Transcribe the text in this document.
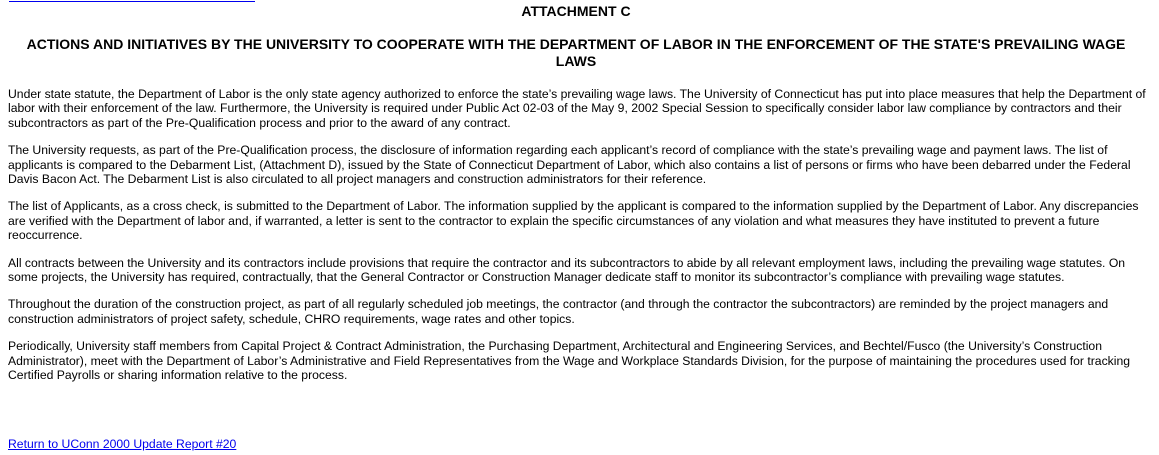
ATTACHMENT C
ACTIONS AND INITIATIVES BY THE UNIVERSITY TO COOPERATE WITH THE DEPARTMENT OF LABOR IN THE ENFORCEMENT OF THE STATE'S PREVAILING WAGE LAWS

Under state statute, the Department of Labor is the only state agency authorized to enforce the state’s prevailing wage laws. The University of Connecticut has put into place measures that help the Department of labor with their enforcement of the law. Furthermore, the University is required under Public Act 02-03 of the May 9, 2002 Special Session to specifically consider labor law compliance by contractors and their subcontractors as part of the Pre-Qualification process and prior to the award of any contract.

The University requests, as part of the Pre-Qualification process, the disclosure of information regarding each applicant’s record of compliance with the state’s prevailing wage and payment laws. The list of applicants is compared to the Debarment List, (Attachment D), issued by the State of Connecticut Department of Labor, which also contains a list of persons or firms who have been debarred under the Federal Davis Bacon Act. The Debarment List is also circulated to all project managers and construction administrators for their reference.

The list of Applicants, as a cross check, is submitted to the Department of Labor. The information supplied by the applicant is compared to the information supplied by the Department of Labor. Any discrepancies are verified with the Department of labor and, if warranted, a letter is sent to the contractor to explain the specific circumstances of any violation and what measures they have instituted to prevent a future reoccurrence.

All contracts between the University and its contractors include provisions that require the contractor and its subcontractors to abide by all relevant employment laws, including the prevailing wage statutes. On some projects, the University has required, contractually, that the General Contractor or Construction Manager dedicate staff to monitor its subcontractor’s compliance with prevailing wage statutes.

Throughout the duration of the construction project, as part of all regularly scheduled job meetings, the contractor (and through the contractor the subcontractors) are reminded by the project managers and construction administrators of project safety, schedule, CHRO requirements, wage rates and other topics.

Periodically, University staff members from Capital Project & Contract Administration, the Purchasing Department, Architectural and Engineering Services, and Bechtel/Fusco (the University’s Construction Administrator), meet with the Department of Labor’s Administrative and Field Representatives from the Wage and Workplace Standards Division, for the purpose of maintaining the procedures used for tracking Certified Payrolls or sharing information relative to the process.

Return to UConn 2000 Update Report #20
